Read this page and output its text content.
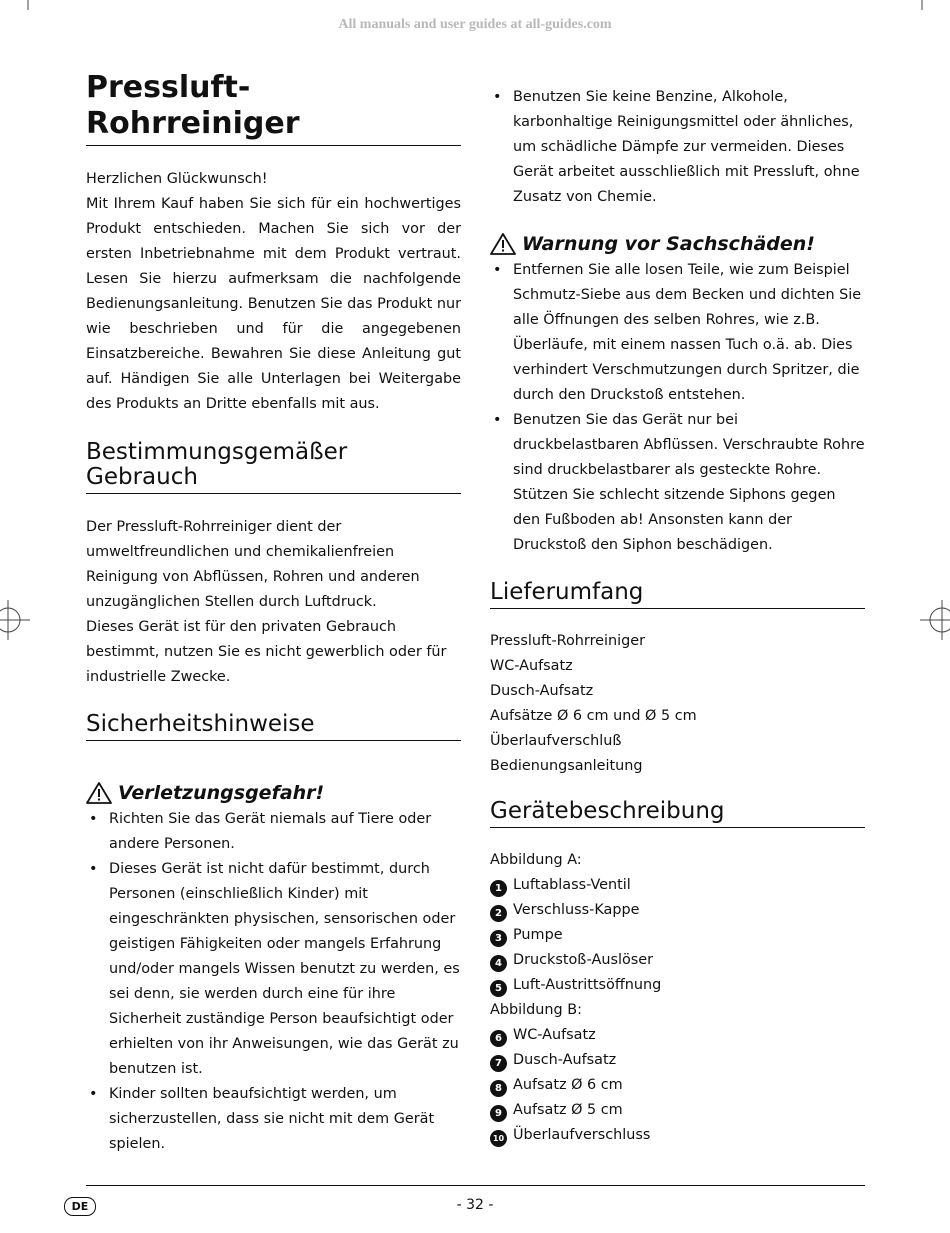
All manuals and user guides at all-guides.com
Pressluft-Rohrreiniger

Herzlichen Glückwunsch!
Mit Ihrem Kauf haben Sie sich für ein hochwertiges Produkt entschieden. Machen Sie sich vor der ersten Inbetriebnahme mit dem Produkt vertraut. Lesen Sie hierzu aufmerksam die nachfolgende Bedienungsanleitung. Benutzen Sie das Produkt nur wie beschrieben und für die angegebenen Einsatzbereiche. Bewahren Sie diese Anleitung gut auf. Händigen Sie alle Unterlagen bei Weitergabe des Produkts an Dritte ebenfalls mit aus.

Bestimmungsgemäßer Gebrauch

Der Pressluft-Rohrreiniger dient der umweltfreundlichen und chemikalienfreien Reinigung von Abflüssen, Rohren und anderen unzugänglichen Stellen durch Luftdruck.
Dieses Gerät ist für den privaten Gebrauch bestimmt, nutzen Sie es nicht gewerblich oder für industrielle Zwecke.

Sicherheitshinweise
Verletzungsgefahr!
• Richten Sie das Gerät niemals auf Tiere oder andere Personen.
• Dieses Gerät ist nicht dafür bestimmt, durch Personen (einschließlich Kinder) mit eingeschränkten physischen, sensorischen oder geistigen Fähigkeiten oder mangels Erfahrung und/oder mangels Wissen benutzt zu werden, es sei denn, sie werden durch eine für ihre Sicherheit zuständige Person beaufsichtigt oder erhielten von ihr Anweisungen, wie das Gerät zu benutzen ist.
• Kinder sollten beaufsichtigt werden, um sicherzustellen, dass sie nicht mit dem Gerät spielen.
• Benutzen Sie keine Benzine, Alkohole, karbonhaltige Reinigungsmittel oder ähnliches, um schädliche Dämpfe zur vermeiden. Dieses Gerät arbeitet ausschließlich mit Pressluft, ohne Zusatz von Chemie.
Warnung vor Sachschäden!
• Entfernen Sie alle losen Teile, wie zum Beispiel Schmutz-Siebe aus dem Becken und dichten Sie alle Öffnungen des selben Rohres, wie z.B. Überläufe, mit einem nassen Tuch o.ä. ab. Dies verhindert Verschmutzungen durch Spritzer, die durch den Druckstoß entstehen.
• Benutzen Sie das Gerät nur bei druckbelastbaren Abflüssen. Verschraubte Rohre sind druckbelastbarer als gesteckte Rohre. Stützen Sie schlecht sitzende Siphons gegen den Fußboden ab! Ansonsten kann der Druckstoß den Siphon beschädigen.
Lieferumfang
Pressluft-Rohrreiniger
WC-Aufsatz
Dusch-Aufsatz
Aufsätze Ø 6 cm und Ø 5 cm
Überlaufverschluß
Bedienungsanleitung
Gerätebeschreibung
Abbildung A:
1 Luftablass-Ventil
2 Verschluss-Kappe
3 Pumpe
4 Druckstoß-Auslöser
5 Luft-Austrittsöffnung
Abbildung B:
6 WC-Aufsatz
7 Dusch-Aufsatz
8 Aufsatz Ø 6 cm
9 Aufsatz Ø 5 cm
10 Überlaufverschluss
DE	- 32 -
